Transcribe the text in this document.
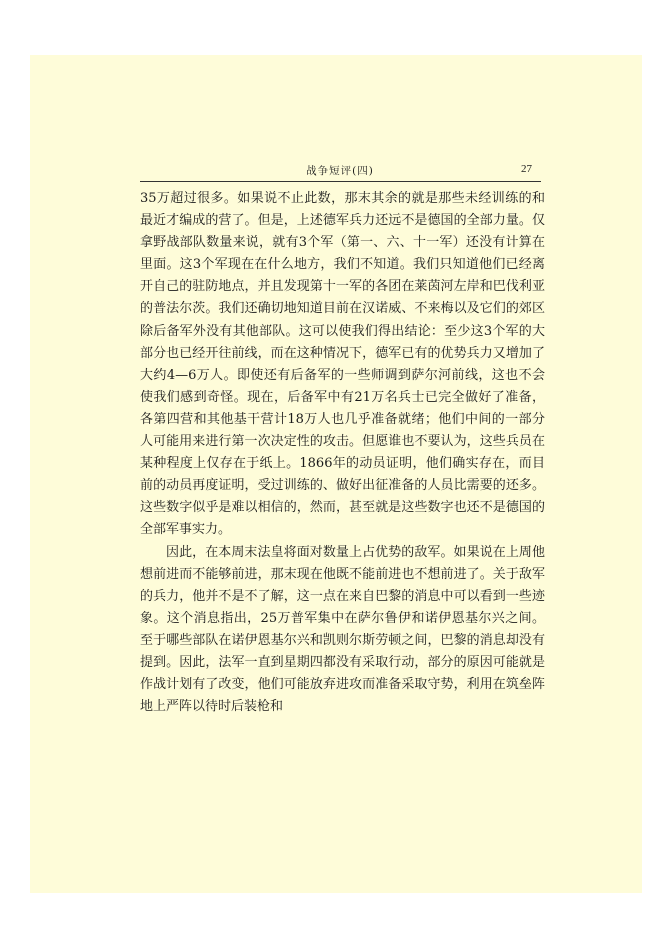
战争短评(四)	27

35万超过很多。如果说不止此数，那末其余的就是那些未经训练的和最近才编成的营了。但是，上述德军兵力还远不是德国的全部力量。仅拿野战部队数量来说，就有3个军（第一、六、十一军）还没有计算在里面。这3个军现在在什么地方，我们不知道。我们只知道他们已经离开自己的驻防地点，并且发现第十一军的各团在莱茵河左岸和巴伐利亚的普法尔茨。我们还确切地知道目前在汉诺威、不来梅以及它们的郊区除后备军外没有其他部队。这可以使我们得出结论：至少这3个军的大部分也已经开往前线，而在这种情况下，德军已有的优势兵力又增加了大约4—6万人。即使还有后备军的一些师调到萨尔河前线，这也不会使我们感到奇怪。现在，后备军中有21万名兵士已完全做好了准备，各第四营和其他基干营计18万人也几乎准备就绪；他们中间的一部分人可能用来进行第一次决定性的攻击。但愿谁也不要认为，这些兵员在某种程度上仅存在于纸上。1866年的动员证明，他们确实存在，而目前的动员再度证明，受过训练的、做好出征准备的人员比需要的还多。这些数字似乎是难以相信的，然而，甚至就是这些数字也还不是德国的全部军事实力。

因此，在本周末法皇将面对数量上占优势的敌军。如果说在上周他想前进而不能够前进，那末现在他既不能前进也不想前进了。关于敌军的兵力，他并不是不了解，这一点在来自巴黎的消息中可以看到一些迹象。这个消息指出，25万普军集中在萨尔鲁伊和诺伊恩基尔兴之间。至于哪些部队在诺伊恩基尔兴和凯则尔斯劳顿之间，巴黎的消息却没有提到。因此，法军一直到星期四都没有采取行动，部分的原因可能就是作战计划有了改变，他们可能放弃进攻而准备采取守势，利用在筑垒阵地上严阵以待时后装枪和
